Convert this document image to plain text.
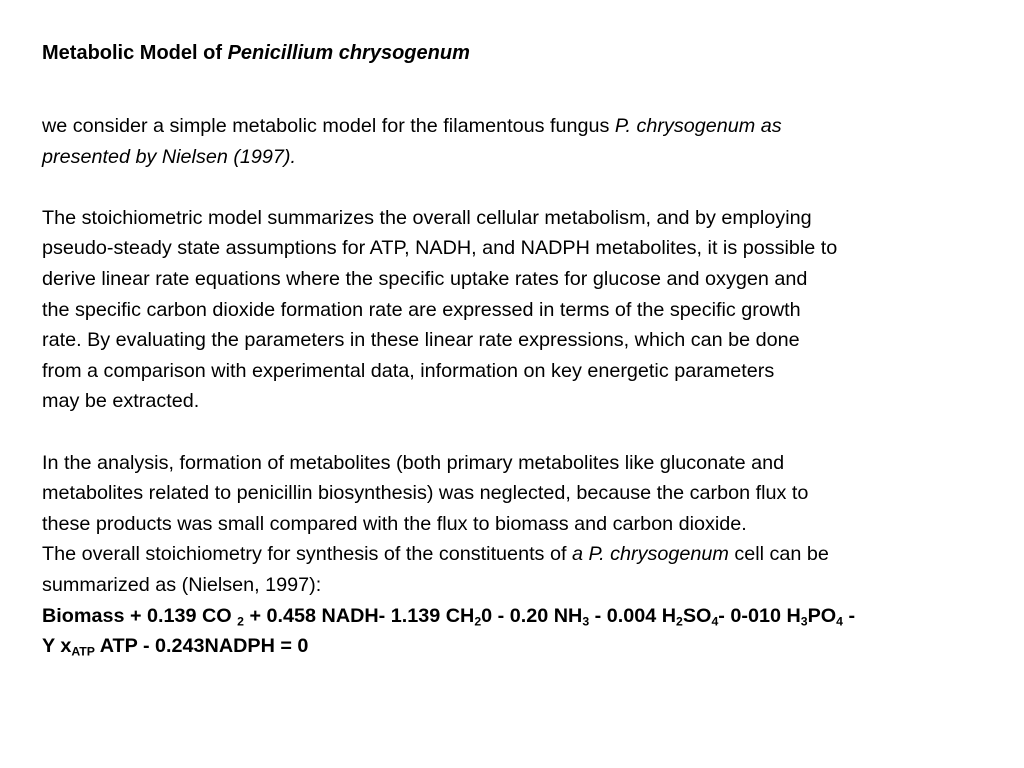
Metabolic Model of Penicillium chrysogenum
we consider a simple metabolic model for the filamentous fungus P. chrysogenum as
presented by Nielsen (1997).
The stoichiometric model summarizes the overall cellular metabolism, and by employing
pseudo-steady state assumptions for ATP, NADH, and NADPH metabolites, it is possible to
derive linear rate equations where the specific uptake rates for glucose and oxygen and
the specific carbon dioxide formation rate are expressed in terms of the specific growth
rate. By evaluating the parameters in these linear rate expressions, which can be done
from a comparison with experimental data, information on key energetic parameters
may be extracted.
In the analysis, formation of metabolites (both primary metabolites like gluconate and
metabolites related to penicillin biosynthesis) was neglected, because the carbon flux to
these products was small compared with the flux to biomass and carbon dioxide.
The overall stoichiometry for synthesis of the constituents of a P. chrysogenum cell can be
summarized as (Nielsen, 1997):
Biomass + 0.139 CO $_2$ + 0.458 NADH- 1.139 $CH_20 - 0.20$ $NH_3 - 0.004$ $H_2SO_4-$ 0-010 $H_3PO_4$ -
Y $x_{ATP}$ ATP - 0.243NADPH = 0
